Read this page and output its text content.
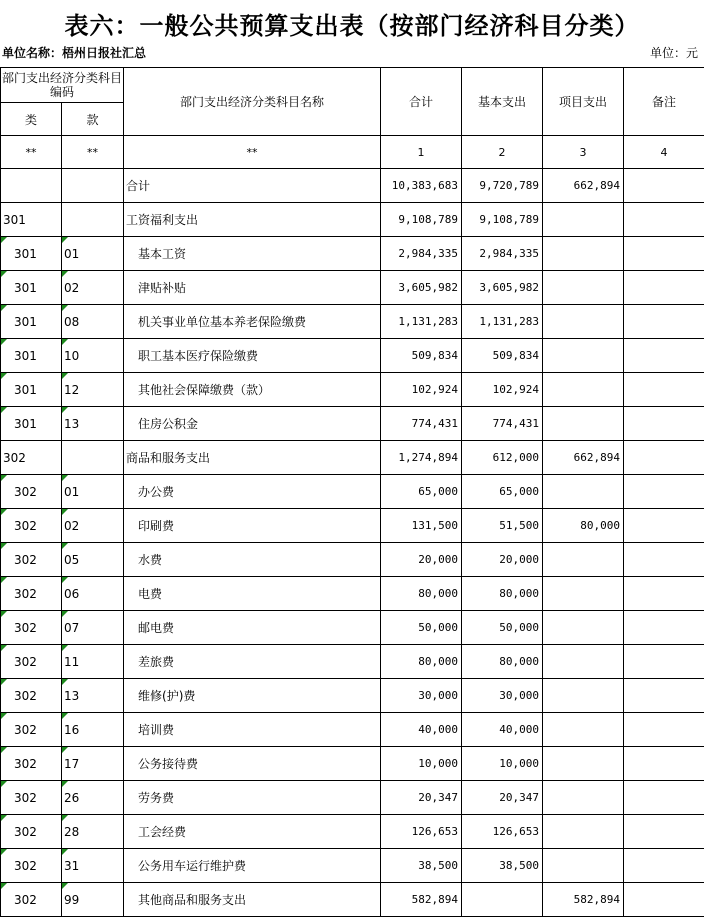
表六：一般公共预算支出表（按部门经济科目分类）
单位名称：梧州日报社汇总	单位：元
部门支出经济分类科目编码		部门支出经济分类科目名称	合计	基本支出	项目支出	备注
类	款					
**	**	**	1	2	3	4
		合计	10,383,683	9,720,789	662,894	
301		工资福利支出	9,108,789	9,108,789		
301	01	基本工资	2,984,335	2,984,335		
301	02	津贴补贴	3,605,982	3,605,982		
301	08	机关事业单位基本养老保险缴费	1,131,283	1,131,283		
301	10	职工基本医疗保险缴费	509,834	509,834		
301	12	其他社会保障缴费（款）	102,924	102,924		
301	13	住房公积金	774,431	774,431		
302		商品和服务支出	1,274,894	612,000	662,894	
302	01	办公费	65,000	65,000		
302	02	印刷费	131,500	51,500	80,000	
302	05	水费	20,000	20,000		
302	06	电费	80,000	80,000		
302	07	邮电费	50,000	50,000		
302	11	差旅费	80,000	80,000		
302	13	维修(护)费	30,000	30,000		
302	16	培训费	40,000	40,000		
302	17	公务接待费	10,000	10,000		
302	26	劳务费	20,347	20,347		
302	28	工会经费	126,653	126,653		
302	31	公务用车运行维护费	38,500	38,500		
302	99	其他商品和服务支出	582,894		582,894	
